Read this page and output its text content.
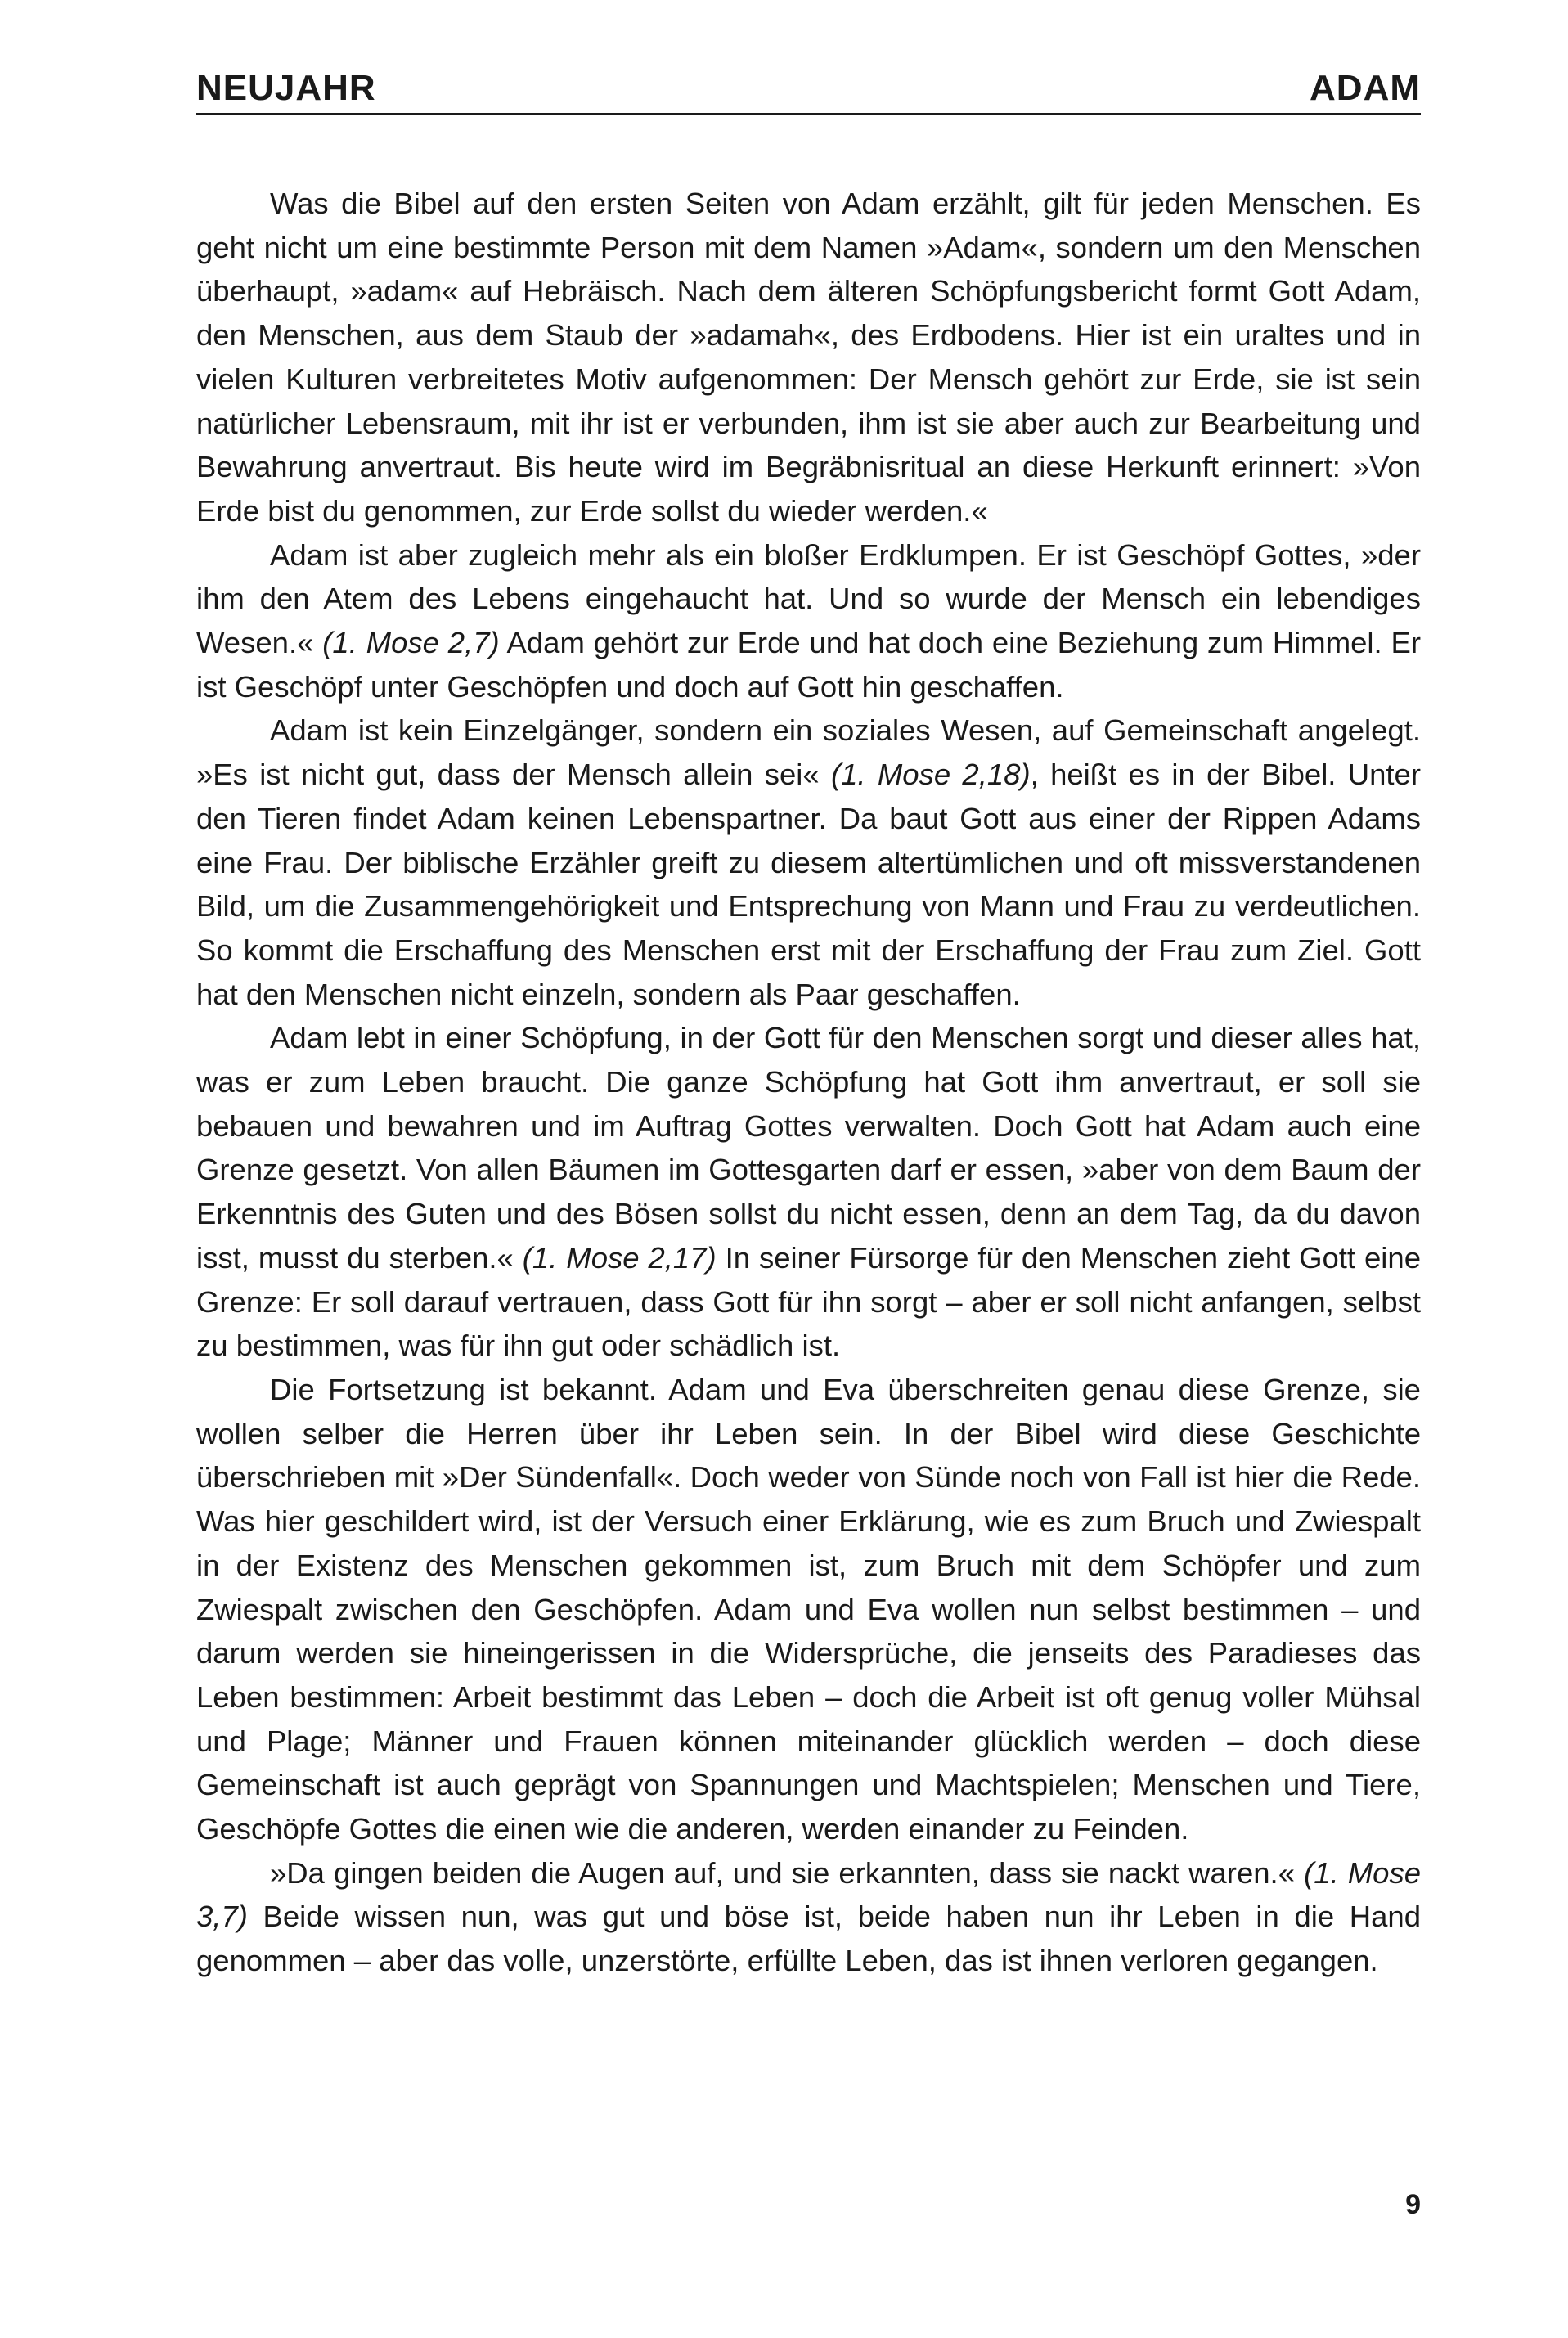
NEUJAHR	ADAM

Was die Bibel auf den ersten Seiten von Adam erzählt, gilt für jeden Menschen. Es geht nicht um eine bestimmte Person mit dem Namen »Adam«, sondern um den Menschen überhaupt, »adam« auf Hebräisch. Nach dem älteren Schöpfungsbericht formt Gott Adam, den Menschen, aus dem Staub der »adamah«, des Erdbodens. Hier ist ein uraltes und in vielen Kulturen verbreitetes Motiv aufgenommen: Der Mensch gehört zur Erde, sie ist sein natürlicher Lebensraum, mit ihr ist er verbunden, ihm ist sie aber auch zur Bearbeitung und Bewahrung anvertraut. Bis heute wird im Begräbnisritual an diese Herkunft erinnert: »Von Erde bist du genommen, zur Erde sollst du wieder werden.«

Adam ist aber zugleich mehr als ein bloßer Erdklumpen. Er ist Geschöpf Gottes, »der ihm den Atem des Lebens eingehaucht hat. Und so wurde der Mensch ein lebendiges Wesen.« (1. Mose 2,7) Adam gehört zur Erde und hat doch eine Beziehung zum Himmel. Er ist Geschöpf unter Geschöpfen und doch auf Gott hin geschaffen.

Adam ist kein Einzelgänger, sondern ein soziales Wesen, auf Gemeinschaft angelegt. »Es ist nicht gut, dass der Mensch allein sei« (1. Mose 2,18), heißt es in der Bibel. Unter den Tieren findet Adam keinen Lebenspartner. Da baut Gott aus einer der Rippen Adams eine Frau. Der biblische Erzähler greift zu diesem altertümlichen und oft missverstandenen Bild, um die Zusammengehörigkeit und Entsprechung von Mann und Frau zu verdeutlichen. So kommt die Erschaffung des Menschen erst mit der Erschaffung der Frau zum Ziel. Gott hat den Menschen nicht einzeln, sondern als Paar geschaffen.

Adam lebt in einer Schöpfung, in der Gott für den Menschen sorgt und dieser alles hat, was er zum Leben braucht. Die ganze Schöpfung hat Gott ihm anvertraut, er soll sie bebauen und bewahren und im Auftrag Gottes verwalten. Doch Gott hat Adam auch eine Grenze gesetzt. Von allen Bäumen im Gottesgarten darf er essen, »aber von dem Baum der Erkenntnis des Guten und des Bösen sollst du nicht essen, denn an dem Tag, da du davon isst, musst du sterben.« (1. Mose 2,17) In seiner Fürsorge für den Menschen zieht Gott eine Grenze: Er soll darauf vertrauen, dass Gott für ihn sorgt – aber er soll nicht anfangen, selbst zu bestimmen, was für ihn gut oder schädlich ist.

Die Fortsetzung ist bekannt. Adam und Eva überschreiten genau diese Grenze, sie wollen selber die Herren über ihr Leben sein. In der Bibel wird diese Geschichte überschrieben mit »Der Sündenfall«. Doch weder von Sünde noch von Fall ist hier die Rede. Was hier geschildert wird, ist der Versuch einer Erklärung, wie es zum Bruch und Zwiespalt in der Existenz des Menschen gekommen ist, zum Bruch mit dem Schöpfer und zum Zwiespalt zwischen den Geschöpfen. Adam und Eva wollen nun selbst bestimmen – und darum werden sie hineingerissen in die Widersprüche, die jenseits des Paradieses das Leben bestimmen: Arbeit bestimmt das Leben – doch die Arbeit ist oft genug voller Mühsal und Plage; Männer und Frauen können miteinander glücklich werden – doch diese Gemeinschaft ist auch geprägt von Spannungen und Machtspielen; Menschen und Tiere, Geschöpfe Gottes die einen wie die anderen, werden einander zu Feinden.

»Da gingen beiden die Augen auf, und sie erkannten, dass sie nackt waren.« (1. Mose 3,7) Beide wissen nun, was gut und böse ist, beide haben nun ihr Leben in die Hand genommen – aber das volle, unzerstörte, erfüllte Leben, das ist ihnen verloren gegangen.

9
